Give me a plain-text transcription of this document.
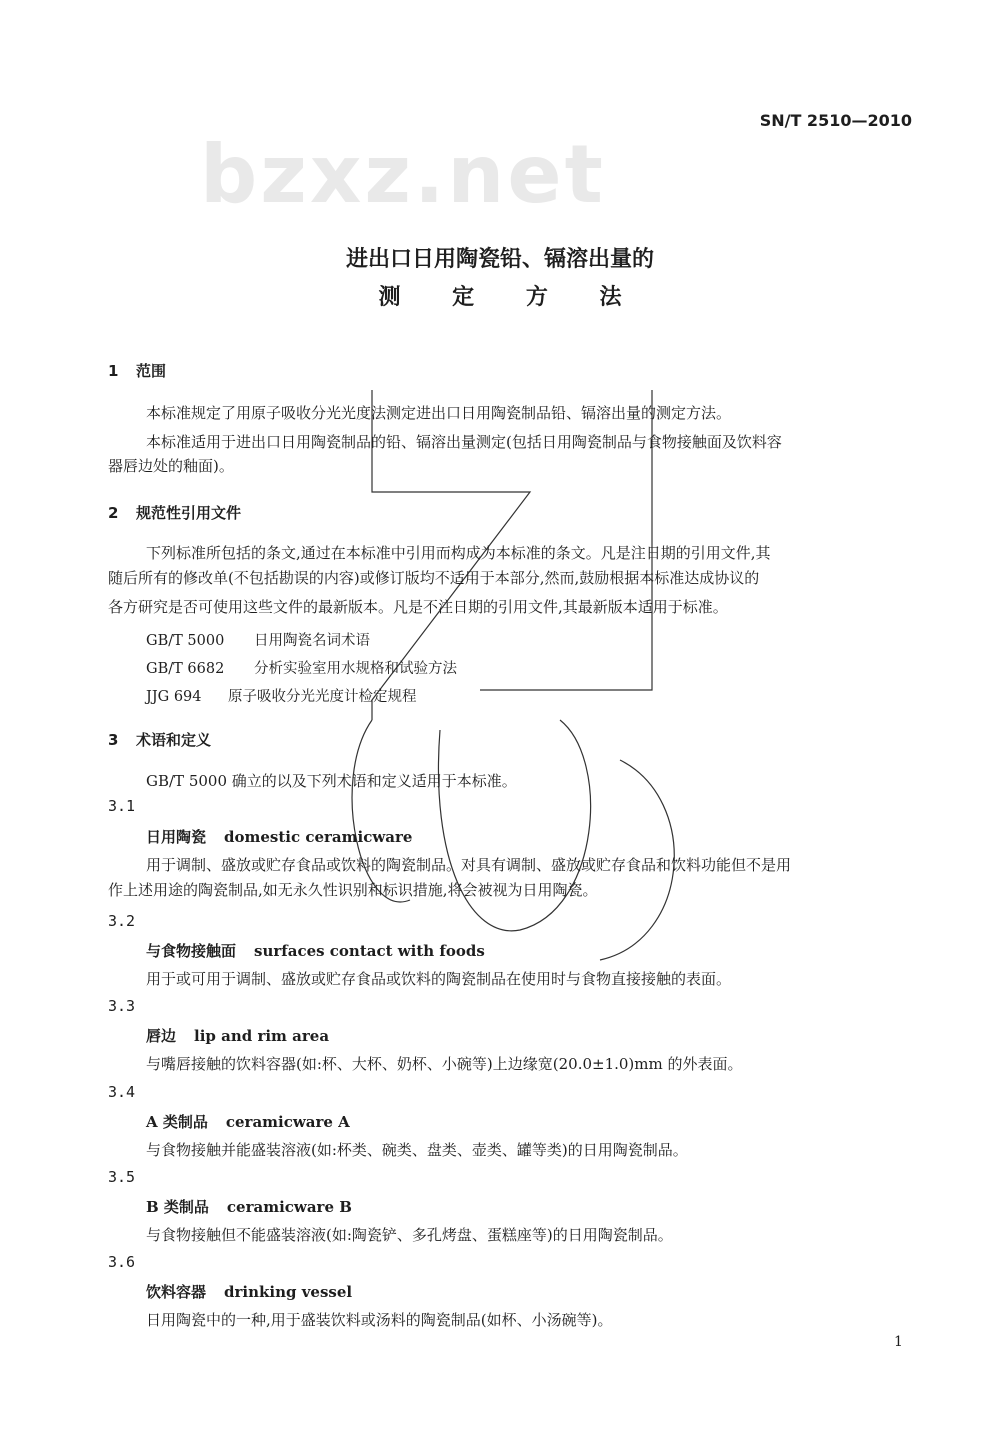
SN/T 2510—2010
bzxz.net
进出口日用陶瓷铅、镉溶出量的
测 定 方 法
1 范围
本标准规定了用原子吸收分光光度法测定进出口日用陶瓷制品铅、镉溶出量的测定方法。
本标准适用于进出口日用陶瓷制品的铅、镉溶出量测定(包括日用陶瓷制品与食物接触面及饮料容
器唇边处的釉面)。
2 规范性引用文件
下列标准所包括的条文,通过在本标准中引用而构成为本标准的条文。凡是注日期的引用文件,其
随后所有的修改单(不包括勘误的内容)或修订版均不适用于本部分,然而,鼓励根据本标准达成协议的
各方研究是否可使用这些文件的最新版本。凡是不注日期的引用文件,其最新版本适用于标准。
GB/T 5000 日用陶瓷名词术语
GB/T 6682 分析实验室用水规格和试验方法
JJG 694 原子吸收分光光度计检定规程
3 术语和定义
GB/T 5000 确立的以及下列术语和定义适用于本标准。
3.1
日用陶瓷 domestic ceramicware
用于调制、盛放或贮存食品或饮料的陶瓷制品。对具有调制、盛放或贮存食品和饮料功能但不是用
作上述用途的陶瓷制品,如无永久性识别和标识措施,将会被视为日用陶瓷。
3.2
与食物接触面 surfaces contact with foods
用于或可用于调制、盛放或贮存食品或饮料的陶瓷制品在使用时与食物直接接触的表面。
3.3
唇边 lip and rim area
与嘴唇接触的饮料容器(如:杯、大杯、奶杯、小碗等)上边缘宽(20.0±1.0)mm 的外表面。
3.4
A 类制品 ceramicware A
与食物接触并能盛装溶液(如:杯类、碗类、盘类、壶类、罐等类)的日用陶瓷制品。
3.5
B 类制品 ceramicware B
与食物接触但不能盛装溶液(如:陶瓷铲、多孔烤盘、蛋糕座等)的日用陶瓷制品。
3.6
饮料容器 drinking vessel
日用陶瓷中的一种,用于盛装饮料或汤料的陶瓷制品(如杯、小汤碗等)。
1
